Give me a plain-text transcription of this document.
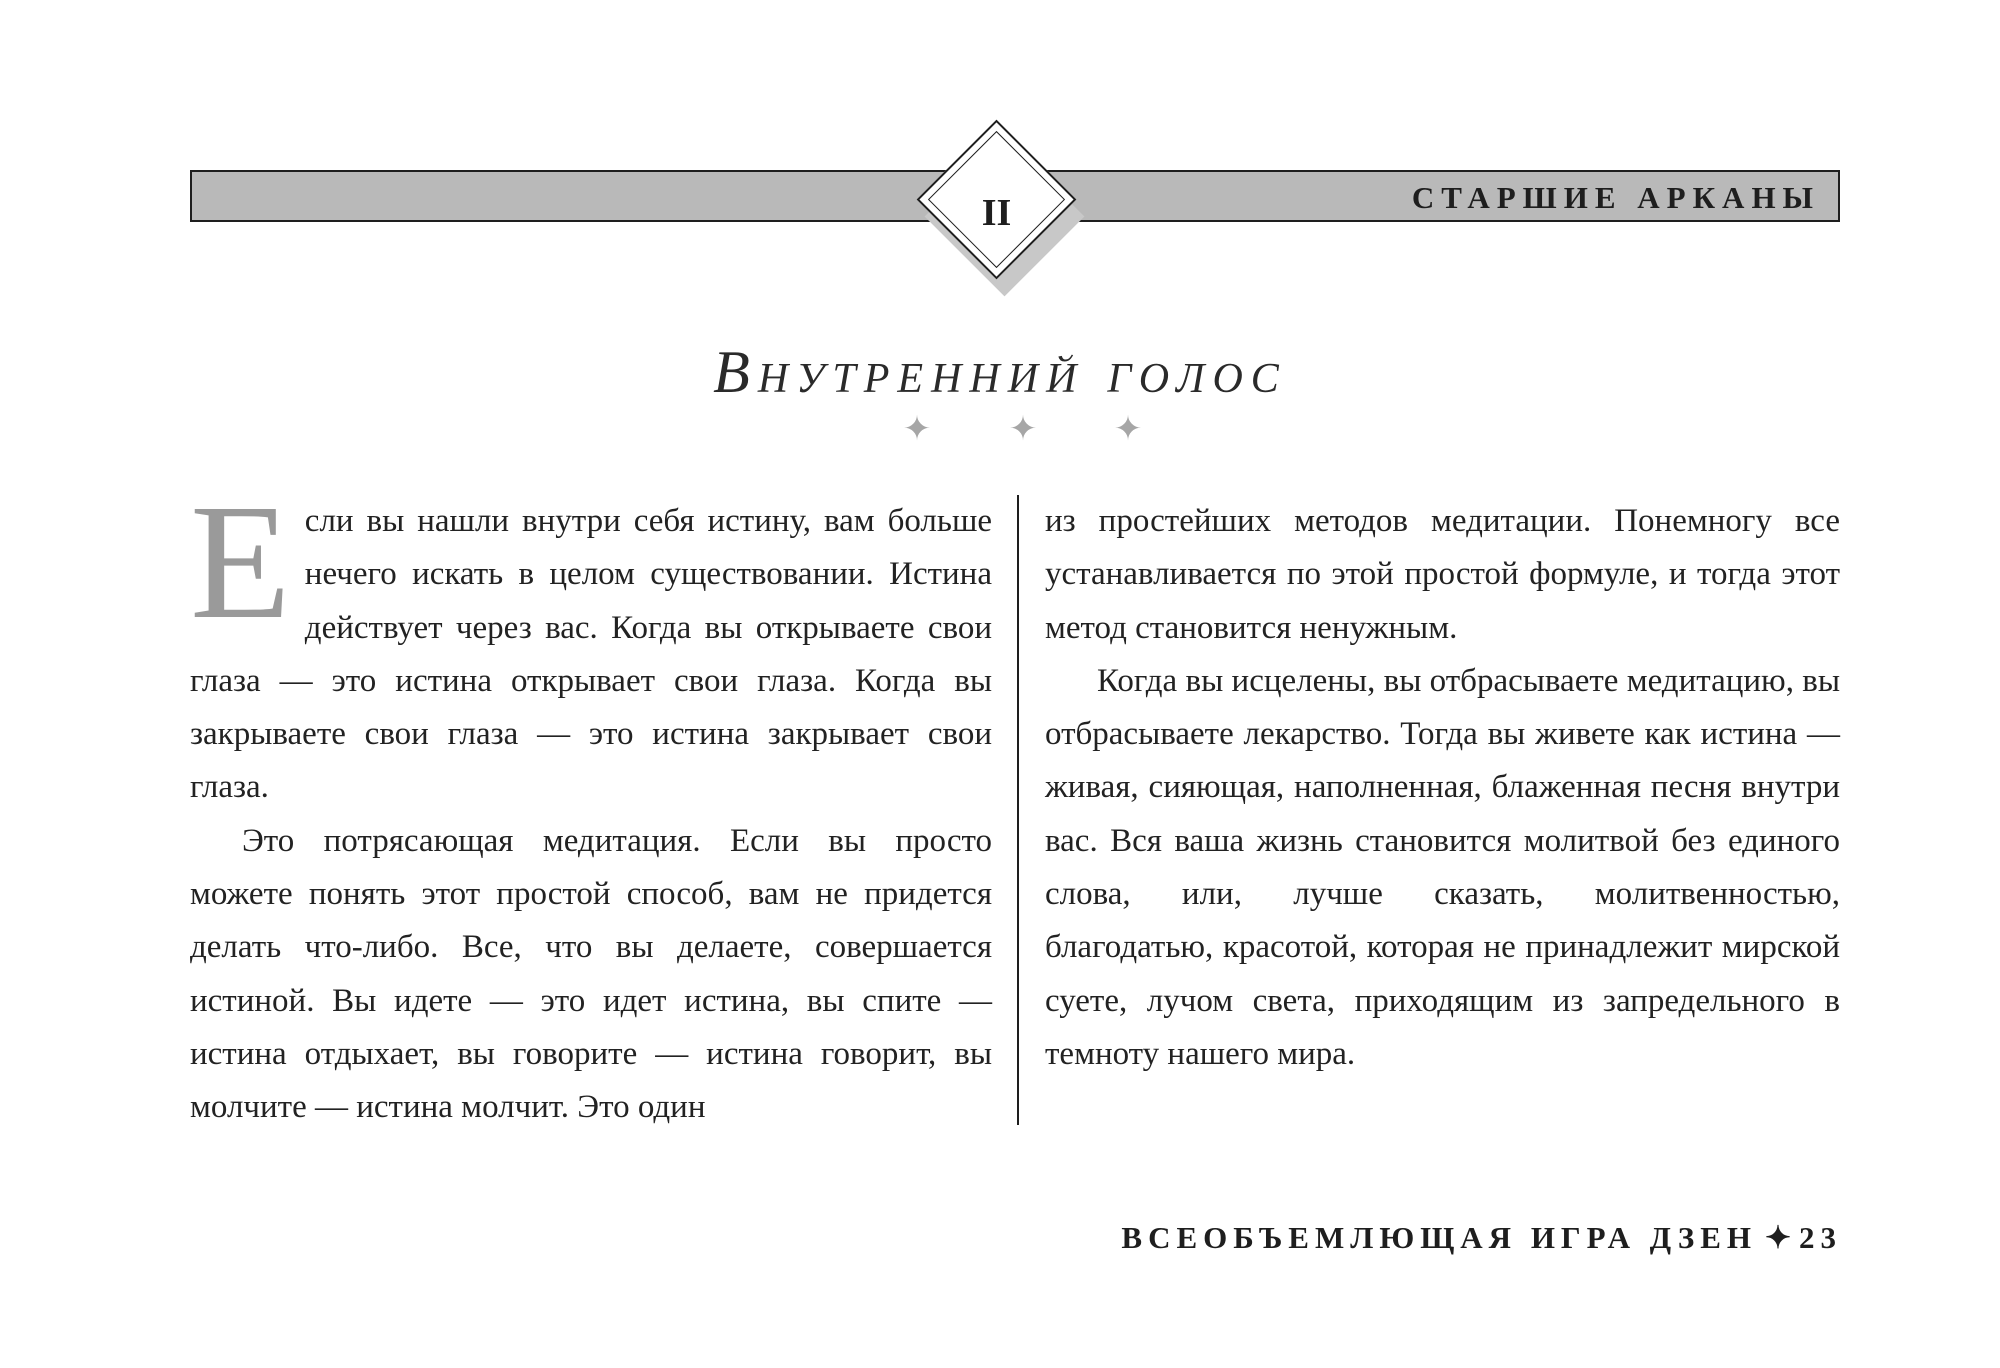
СТАРШИЕ АРКАНЫ
II
Внутренний голос
✦ ✦ ✦

Если вы нашли внутри себя истину, вам больше нечего искать в целом существовании. Истина действует через вас. Когда вы открываете свои глаза — это истина открывает свои глаза. Когда вы закрываете свои глаза — это истина закрывает свои глаза.

Это потрясающая медитация. Если вы просто можете понять этот простой способ, вам не придется делать что-либо. Все, что вы делаете, совершается истиной. Вы идете — это идет истина, вы спите — истина отдыхает, вы говорите — истина говорит, вы молчите — истина молчит. Это один

из простейших методов медитации. Понемногу все устанавливается по этой простой формуле, и тогда этот метод становится ненужным.

Когда вы исцелены, вы отбрасываете медитацию, вы отбрасываете лекарство. Тогда вы живете как истина — живая, сияющая, наполненная, блаженная песня внутри вас. Вся ваша жизнь становится молитвой без единого слова, или, лучше сказать, молитвенностью, благодатью, красотой, которая не принадлежит мирской суете, лучом света, приходящим из запредельного в темноту нашего мира.

ВСЕОБЪЕМЛЮЩАЯ ИГРА ДЗЕН ✦ 23
